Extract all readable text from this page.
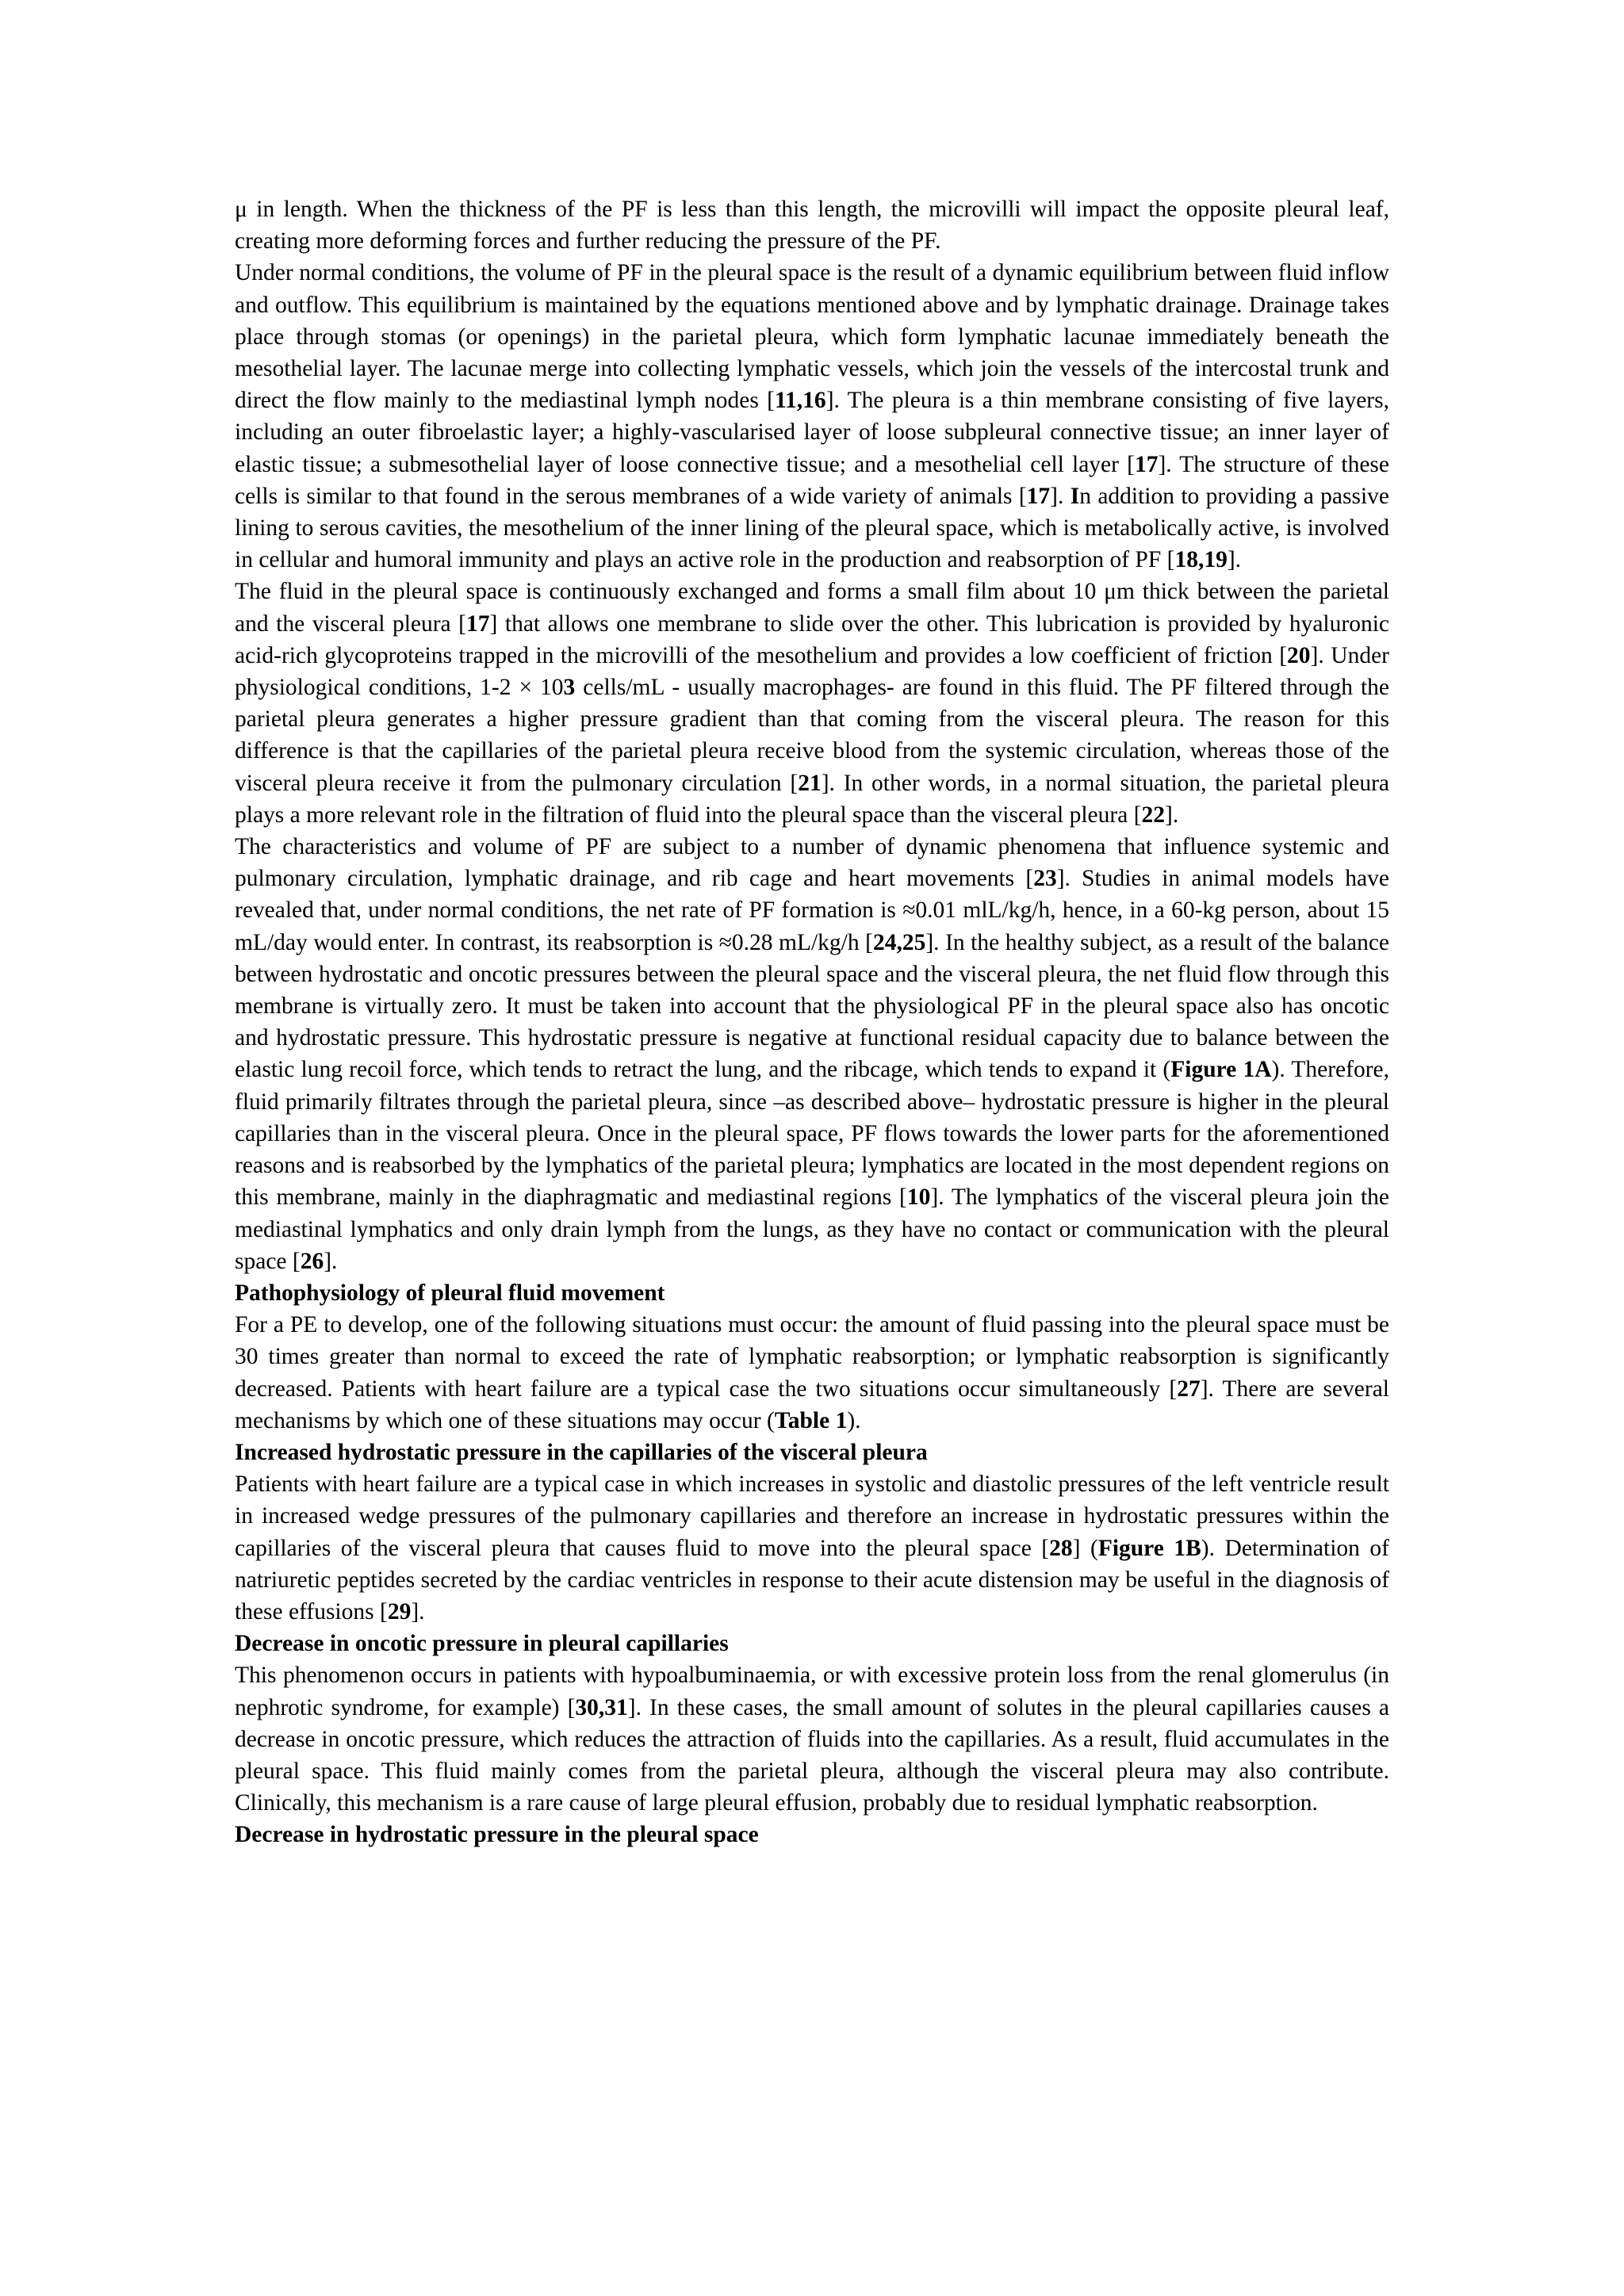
μ in length. When the thickness of the PF is less than this length, the microvilli will impact the opposite pleural leaf, creating more deforming forces and further reducing the pressure of the PF.

Under normal conditions, the volume of PF in the pleural space is the result of a dynamic equilibrium between fluid inflow and outflow. This equilibrium is maintained by the equations mentioned above and by lymphatic drainage. Drainage takes place through stomas (or openings) in the parietal pleura, which form lymphatic lacunae immediately beneath the mesothelial layer. The lacunae merge into collecting lymphatic vessels, which join the vessels of the intercostal trunk and direct the flow mainly to the mediastinal lymph nodes [11,16]. The pleura is a thin membrane consisting of five layers, including an outer fibroelastic layer; a highly-vascularised layer of loose subpleural connective tissue; an inner layer of elastic tissue; a submesothelial layer of loose connective tissue; and a mesothelial cell layer [17]. The structure of these cells is similar to that found in the serous membranes of a wide variety of animals [17]. In addition to providing a passive lining to serous cavities, the mesothelium of the inner lining of the pleural space, which is metabolically active, is involved in cellular and humoral immunity and plays an active role in the production and reabsorption of PF [18,19].

The fluid in the pleural space is continuously exchanged and forms a small film about 10 μm thick between the parietal and the visceral pleura [17] that allows one membrane to slide over the other. This lubrication is provided by hyaluronic acid-rich glycoproteins trapped in the microvilli of the mesothelium and provides a low coefficient of friction [20]. Under physiological conditions, 1-2 × 103 cells/mL - usually macrophages- are found in this fluid. The PF filtered through the parietal pleura generates a higher pressure gradient than that coming from the visceral pleura. The reason for this difference is that the capillaries of the parietal pleura receive blood from the systemic circulation, whereas those of the visceral pleura receive it from the pulmonary circulation [21]. In other words, in a normal situation, the parietal pleura plays a more relevant role in the filtration of fluid into the pleural space than the visceral pleura [22].

The characteristics and volume of PF are subject to a number of dynamic phenomena that influence systemic and pulmonary circulation, lymphatic drainage, and rib cage and heart movements [23]. Studies in animal models have revealed that, under normal conditions, the net rate of PF formation is ≈0.01 mlL/kg/h, hence, in a 60-kg person, about 15 mL/day would enter. In contrast, its reabsorption is ≈0.28 mL/kg/h [24,25]. In the healthy subject, as a result of the balance between hydrostatic and oncotic pressures between the pleural space and the visceral pleura, the net fluid flow through this membrane is virtually zero. It must be taken into account that the physiological PF in the pleural space also has oncotic and hydrostatic pressure. This hydrostatic pressure is negative at functional residual capacity due to balance between the elastic lung recoil force, which tends to retract the lung, and the ribcage, which tends to expand it (Figure 1A). Therefore, fluid primarily filtrates through the parietal pleura, since –as described above– hydrostatic pressure is higher in the pleural capillaries than in the visceral pleura. Once in the pleural space, PF flows towards the lower parts for the aforementioned reasons and is reabsorbed by the lymphatics of the parietal pleura; lymphatics are located in the most dependent regions on this membrane, mainly in the diaphragmatic and mediastinal regions [10]. The lymphatics of the visceral pleura join the mediastinal lymphatics and only drain lymph from the lungs, as they have no contact or communication with the pleural space [26].

Pathophysiology of pleural fluid movement

For a PE to develop, one of the following situations must occur: the amount of fluid passing into the pleural space must be 30 times greater than normal to exceed the rate of lymphatic reabsorption; or lymphatic reabsorption is significantly decreased. Patients with heart failure are a typical case the two situations occur simultaneously [27]. There are several mechanisms by which one of these situations may occur (Table 1).

Increased hydrostatic pressure in the capillaries of the visceral pleura

Patients with heart failure are a typical case in which increases in systolic and diastolic pressures of the left ventricle result in increased wedge pressures of the pulmonary capillaries and therefore an increase in hydrostatic pressures within the capillaries of the visceral pleura that causes fluid to move into the pleural space [28] (Figure 1B). Determination of natriuretic peptides secreted by the cardiac ventricles in response to their acute distension may be useful in the diagnosis of these effusions [29].

Decrease in oncotic pressure in pleural capillaries

This phenomenon occurs in patients with hypoalbuminaemia, or with excessive protein loss from the renal glomerulus (in nephrotic syndrome, for example) [30,31]. In these cases, the small amount of solutes in the pleural capillaries causes a decrease in oncotic pressure, which reduces the attraction of fluids into the capillaries. As a result, fluid accumulates in the pleural space. This fluid mainly comes from the parietal pleura, although the visceral pleura may also contribute. Clinically, this mechanism is a rare cause of large pleural effusion, probably due to residual lymphatic reabsorption.

Decrease in hydrostatic pressure in the pleural space
